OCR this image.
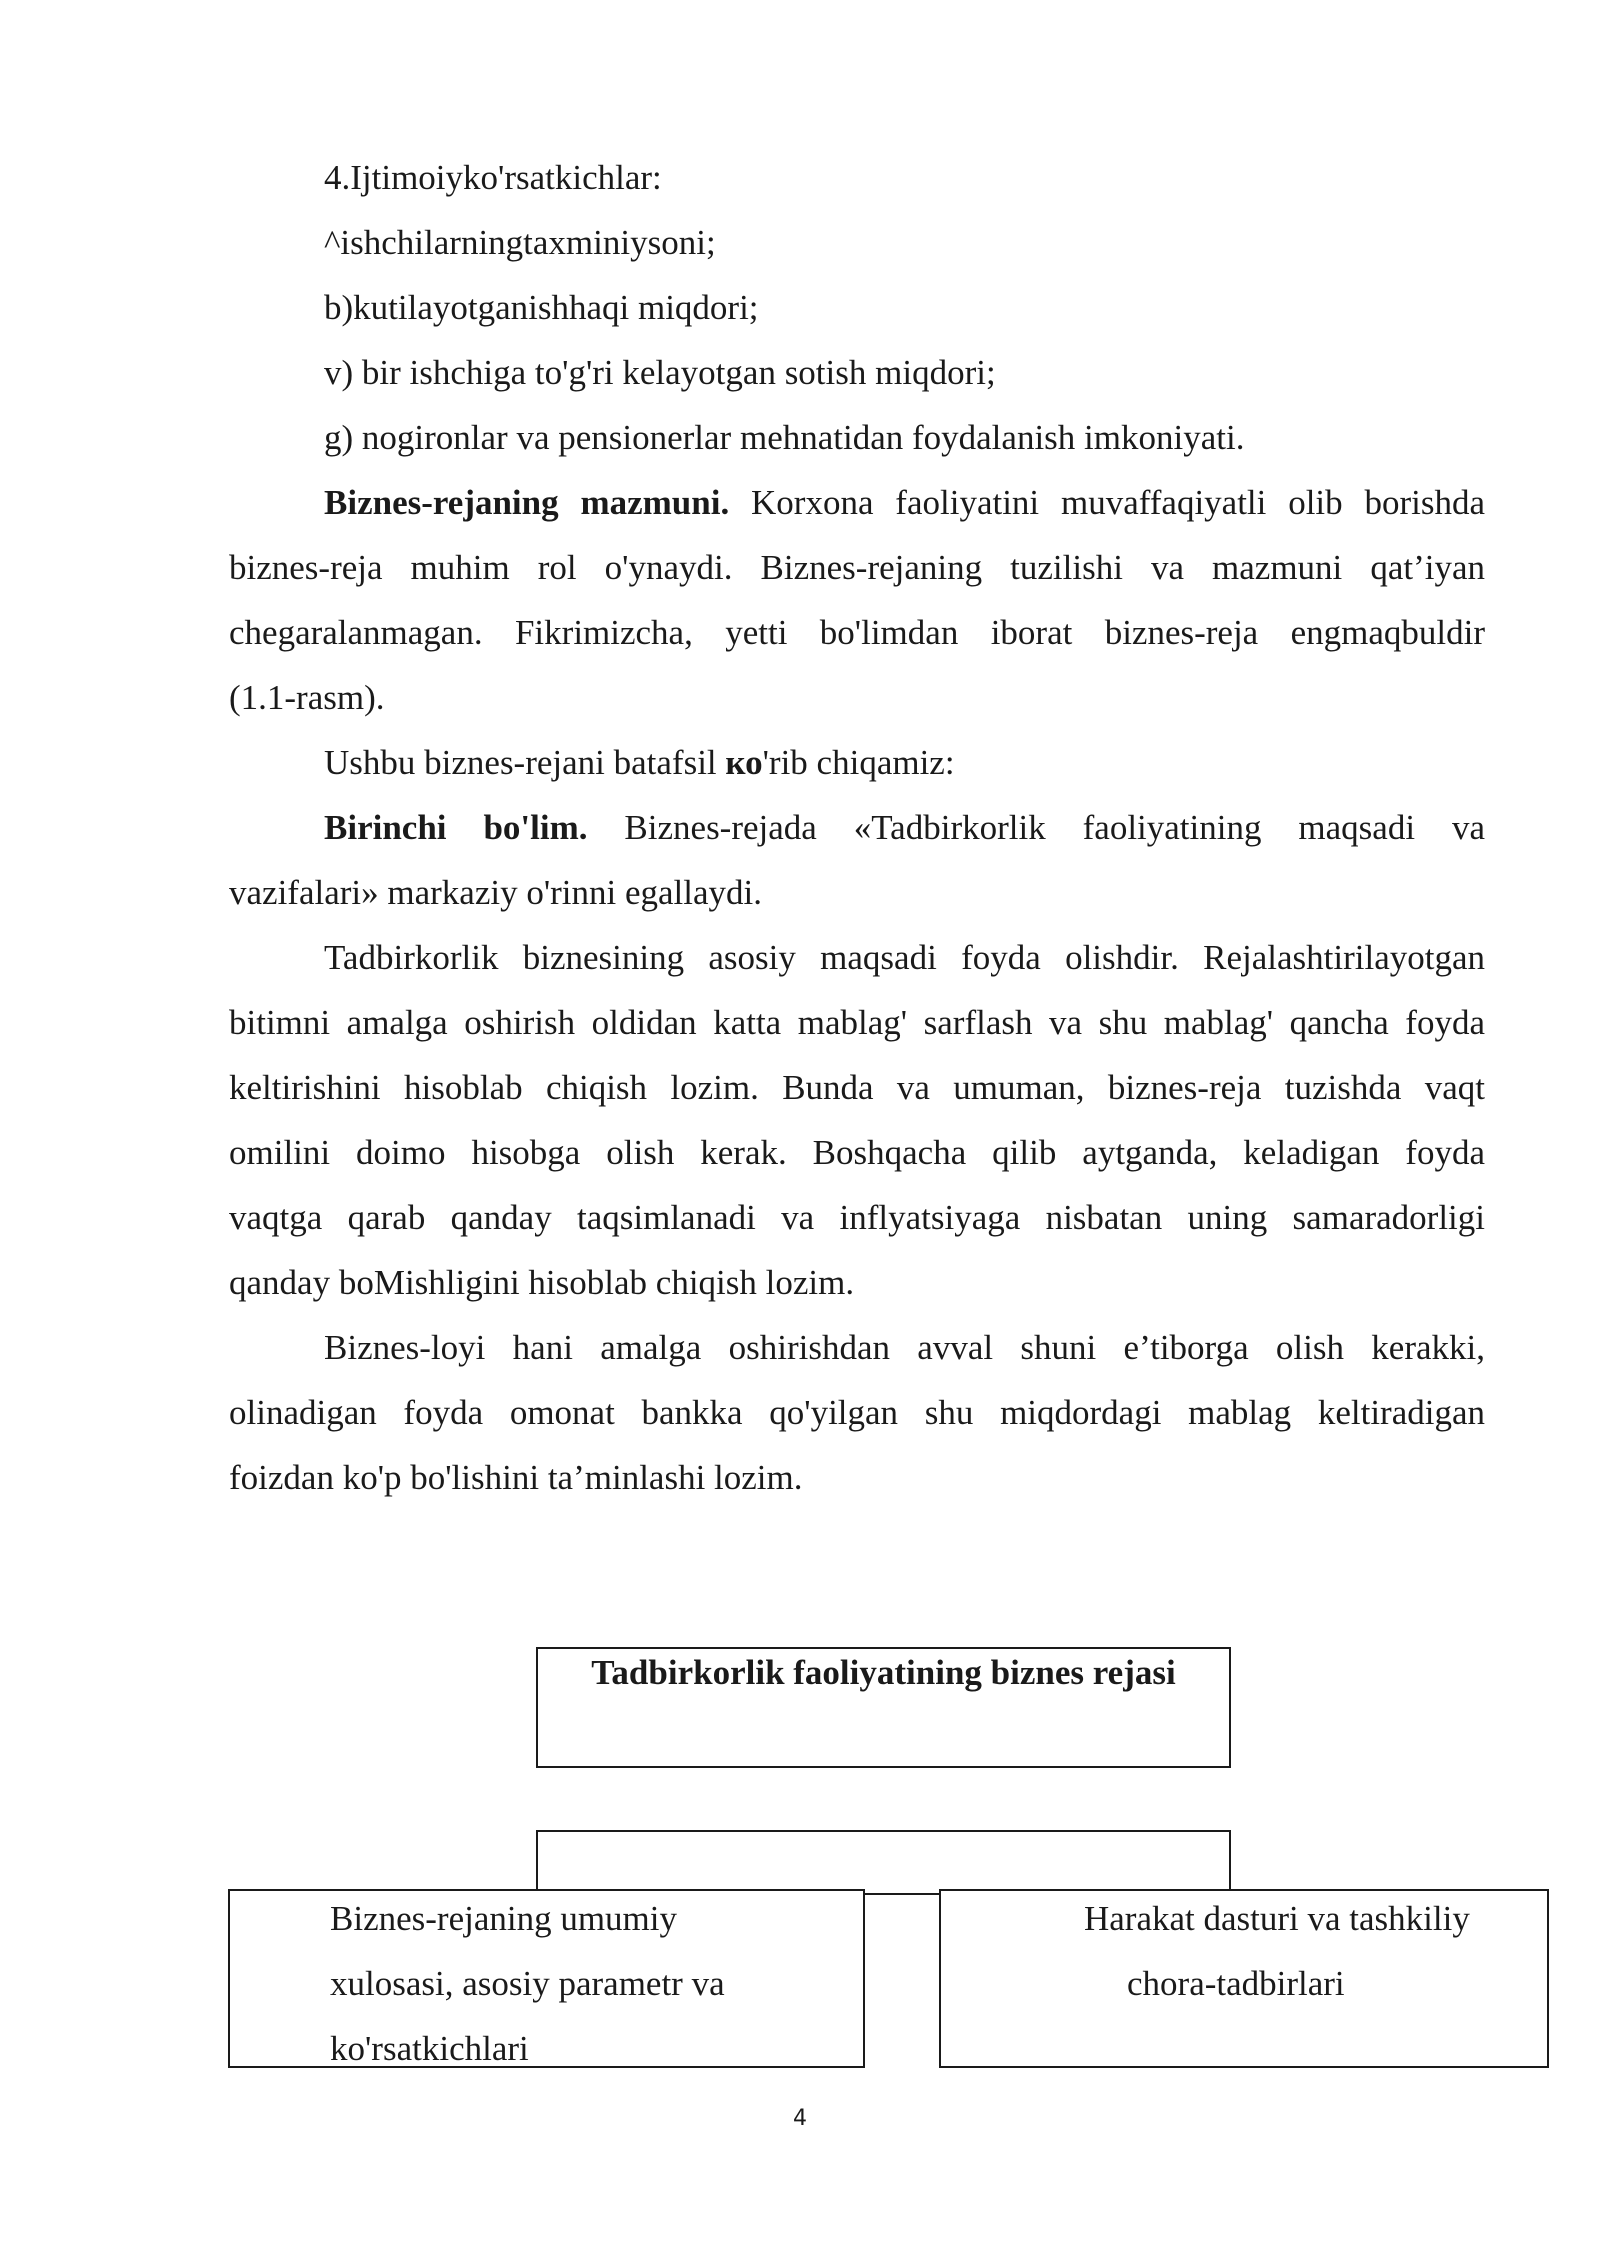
4.Ijtimoiyko'rsatkichlar:

^ishchilarningtaxminiysoni;

b)kutilayotganishhaqi miqdori;

v) bir ishchiga to'g'ri kelayotgan sotish miqdori;

g) nogironlar va pensionerlar mehnatidan foydalanish imkoniyati.

Biznes-rejaning mazmuni. Korxona faoliyatini muvaffaqiyatli olib borishda

biznes-reja muhim rol o'ynaydi. Biznes-rejaning tuzilishi va mazmuni qat’iyan

chegaralanmagan. Fikrimizcha, yetti bo'limdan iborat biznes-reja engmaqbuldir

(1.1-rasm).

Ushbu biznes-rejani batafsil ко'rib chiqamiz:

Birinchi bo'lim. Biznes-rejada «Tadbirkorlik faoliyatining maqsadi va

vazifalari» markaziy o'rinni egallaydi.

Tadbirkorlik biznesining asosiy maqsadi foyda olishdir. Rejalashtirilayotgan

bitimni amalga oshirish oldidan katta mablag' sarflash va shu mablag' qancha foyda

keltirishini hisoblab chiqish lozim. Bunda va umuman, biznes-reja tuzishda vaqt

omilini doimo hisobga olish kerak. Boshqacha qilib aytganda, keladigan foyda

vaqtga qarab qanday taqsimlanadi va inflyatsiyaga nisbatan uning samaradorligi

qanday boMishligini hisoblab chiqish lozim.

Biznes-loyi hani amalga oshirishdan avval shuni e’tiborga olish kerakki,

olinadigan foyda omonat bankka qo'yilgan shu miqdordagi mablag keltiradigan

foizdan ko'p bo'lishini ta’minlashi lozim.

Tadbirkorlik faoliyatining biznes rejasi
Biznes-rejaning umumiy
xulosasi, asosiy parametr va
ko'rsatkichlari
Harakat dasturi va tashkiliy
chora-tadbirlari
4
